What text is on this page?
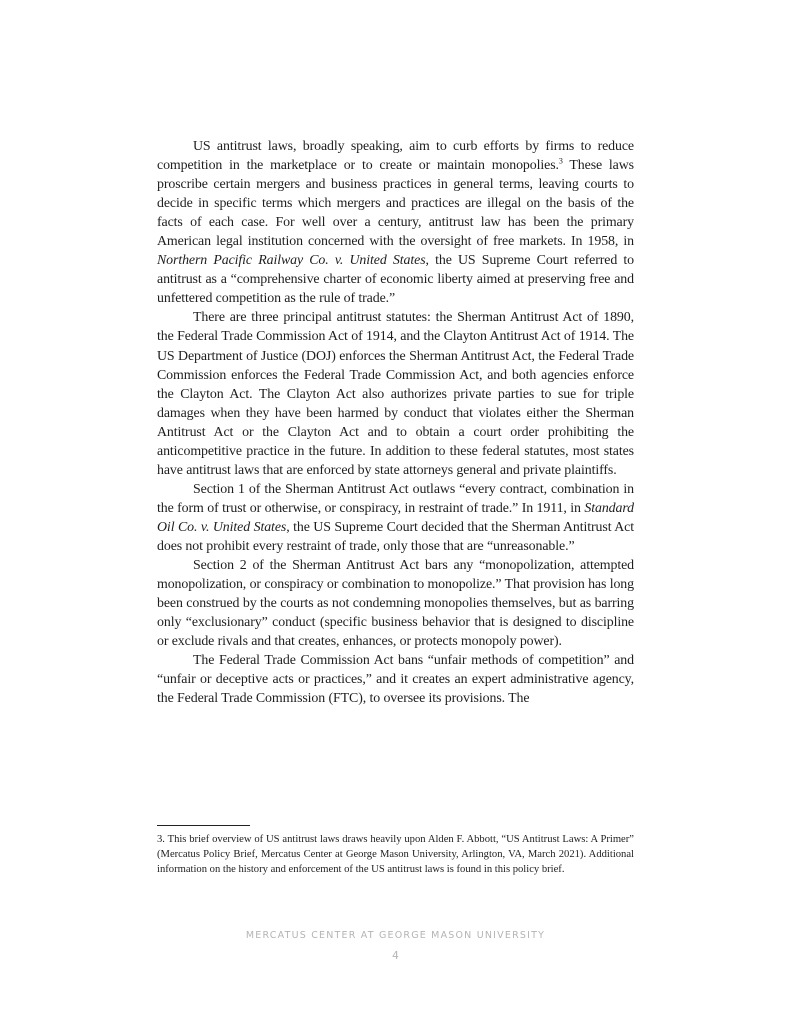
US antitrust laws, broadly speaking, aim to curb efforts by firms to reduce competition in the marketplace or to create or maintain monopolies.$^3$ These laws proscribe certain mergers and business practices in general terms, leaving courts to decide in specific terms which mergers and practices are illegal on the basis of the facts of each case. For well over a century, antitrust law has been the primary American legal institution concerned with the oversight of free markets. In 1958, in Northern Pacific Railway Co. v. United States, the US Supreme Court referred to antitrust as a “comprehensive charter of economic liberty aimed at preserving free and unfettered competition as the rule of trade.”

There are three principal antitrust statutes: the Sherman Antitrust Act of 1890, the Federal Trade Commission Act of 1914, and the Clayton Antitrust Act of 1914. The US Department of Justice (DOJ) enforces the Sherman Antitrust Act, the Federal Trade Commission enforces the Federal Trade Commission Act, and both agencies enforce the Clayton Act. The Clayton Act also authorizes private parties to sue for triple damages when they have been harmed by conduct that violates either the Sherman Antitrust Act or the Clayton Act and to obtain a court order prohibiting the anticompetitive practice in the future. In addition to these federal statutes, most states have antitrust laws that are enforced by state attorneys general and private plaintiffs.

Section 1 of the Sherman Antitrust Act outlaws “every contract, combination in the form of trust or otherwise, or conspiracy, in restraint of trade.” In 1911, in Standard Oil Co. v. United States, the US Supreme Court decided that the Sherman Antitrust Act does not prohibit every restraint of trade, only those that are “unreasonable.”

Section 2 of the Sherman Antitrust Act bars any “monopolization, attempted monopolization, or conspiracy or combination to monopolize.” That provision has long been construed by the courts as not condemning monopolies themselves, but as barring only “exclusionary” conduct (specific business behavior that is designed to discipline or exclude rivals and that creates, enhances, or protects monopoly power).

The Federal Trade Commission Act bans “unfair methods of competition” and “unfair or deceptive acts or practices,” and it creates an expert administrative agency, the Federal Trade Commission (FTC), to oversee its provisions. The

3. This brief overview of US antitrust laws draws heavily upon Alden F. Abbott, “US Antitrust Laws: A Primer” (Mercatus Policy Brief, Mercatus Center at George Mason University, Arlington, VA, March 2021). Additional information on the history and enforcement of the US antitrust laws is found in this policy brief.

MERCATUS CENTER AT GEORGE MASON UNIVERSITY
4
